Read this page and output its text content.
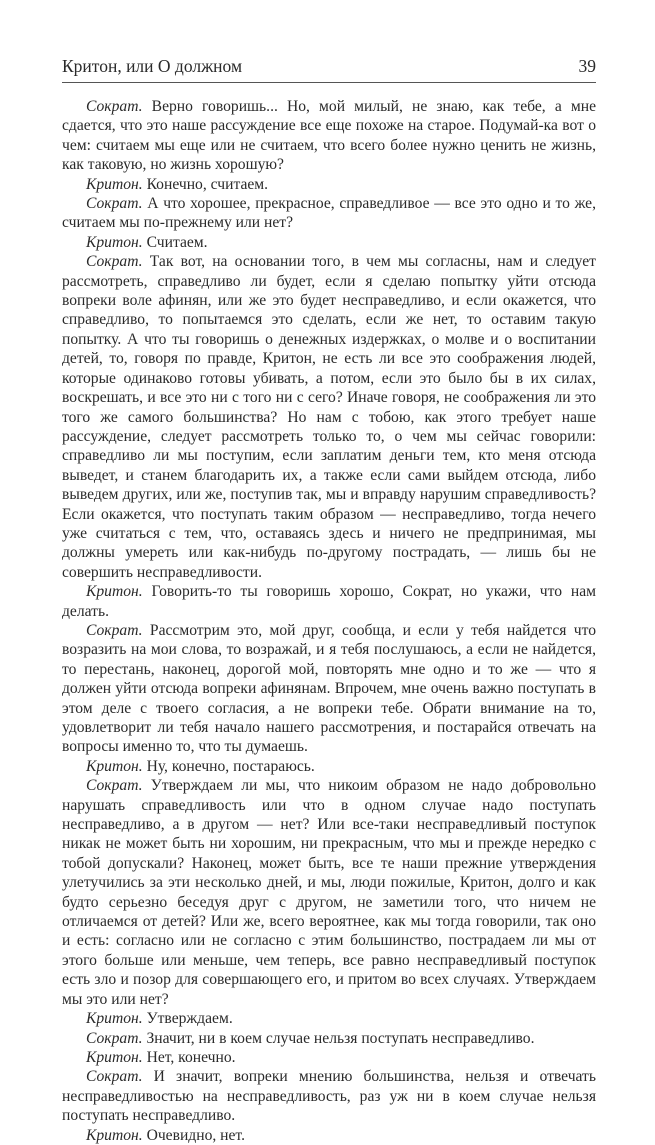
Критон, или О должном	39

Сократ. Верно говоришь... Но, мой милый, не знаю, как тебе, а мне сдается, что это наше рассуждение все еще похоже на старое. Подумай-ка вот о чем: считаем мы еще или не считаем, что всего более нужно ценить не жизнь, как таковую, но жизнь хорошую?

Критон. Конечно, считаем.

Сократ. А что хорошее, прекрасное, справедливое — все это одно и то же, считаем мы по-прежнему или нет?

Критон. Считаем.

Сократ. Так вот, на основании того, в чем мы согласны, нам и следует рассмотреть, справедливо ли будет, если я сделаю попытку уйти отсюда вопреки воле афинян, или же это будет несправедливо, и если окажется, что справедливо, то попытаемся это сделать, если же нет, то оставим такую попытку. А что ты говоришь о денежных издержках, о молве и о воспитании детей, то, говоря по правде, Критон, не есть ли все это соображения людей, которые одинаково готовы убивать, а потом, если это было бы в их силах, воскрешать, и все это ни с того ни с сего? Иначе говоря, не соображения ли это того же самого большинства? Но нам с тобою, как этого требует наше рассуждение, следует рассмотреть только то, о чем мы сейчас говорили: справедливо ли мы поступим, если заплатим деньги тем, кто меня отсюда выведет, и станем благодарить их, а также если сами выйдем отсюда, либо выведем других, или же, поступив так, мы и вправду нарушим справедливость? Если окажется, что поступать таким образом — несправедливо, тогда нечего уже считаться с тем, что, оставаясь здесь и ничего не предпринимая, мы должны умереть или как-нибудь по-другому пострадать, — лишь бы не совершить несправедливости.

Критон. Говорить-то ты говоришь хорошо, Сократ, но укажи, что нам делать.

Сократ. Рассмотрим это, мой друг, сообща, и если у тебя найдется что возразить на мои слова, то возражай, и я тебя послушаюсь, а если не найдется, то перестань, наконец, дорогой мой, повторять мне одно и то же — что я должен уйти отсюда вопреки афинянам. Впрочем, мне очень важно поступать в этом деле с твоего согласия, а не вопреки тебе. Обрати внимание на то, удовлетворит ли тебя начало нашего рассмотрения, и постарайся отвечать на вопросы именно то, что ты думаешь.

Критон. Ну, конечно, постараюсь.

Сократ. Утверждаем ли мы, что никоим образом не надо добровольно нарушать справедливость или что в одном случае надо поступать несправедливо, а в другом — нет? Или все-таки несправедливый поступок никак не может быть ни хорошим, ни прекрасным, что мы и прежде нередко с тобой допускали? Наконец, может быть, все те наши прежние утверждения улетучились за эти несколько дней, и мы, люди пожилые, Критон, долго и как будто серьезно беседуя друг с другом, не заметили того, что ничем не отличаемся от детей? Или же, всего вероятнее, как мы тогда говорили, так оно и есть: согласно или не согласно с этим большинство, пострадаем ли мы от этого больше или меньше, чем теперь, все равно несправедливый поступок есть зло и позор для совершающего его, и притом во всех случаях. Утверждаем мы это или нет?

Критон. Утверждаем.

Сократ. Значит, ни в коем случае нельзя поступать несправедливо.

Критон. Нет, конечно.

Сократ. И значит, вопреки мнению большинства, нельзя и отвечать несправедливостью на несправедливость, раз уж ни в коем случае нельзя поступать несправедливо.

Критон. Очевидно, нет.
